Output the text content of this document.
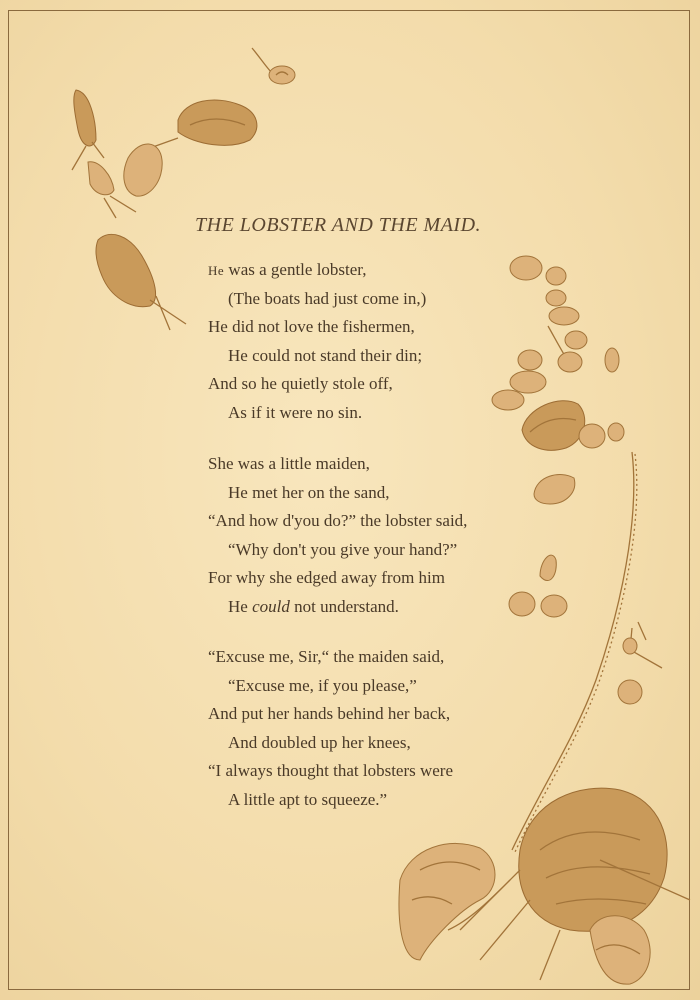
THE LOBSTER AND THE MAID.
He was a gentle lobster,
(The boats had just come in,)
He did not love the fishermen,
He could not stand their din;
And so he quietly stole off,
As if it were no sin.
She was a little maiden,
He met her on the sand,
“And how d'you do?” the lobster said,
“Why don't you give your hand?”
For why she edged away from him
He could not understand.
“Excuse me, Sir,“ the maiden said,
“Excuse me, if you please,”
And put her hands behind her back,
And doubled up her knees,
“I always thought that lobsters were
A little apt to squeeze.”
